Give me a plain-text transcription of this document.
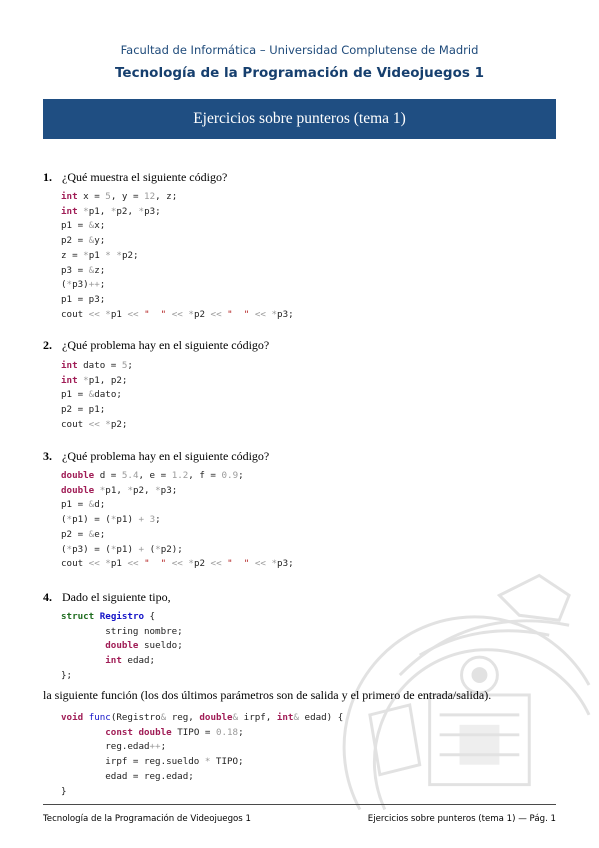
Facultad de Informática – Universidad Complutense de Madrid
Tecnología de la Programación de Videojuegos 1
Ejercicios sobre punteros (tema 1)
1. ¿Qué muestra el siguiente código?
int x = 5, y = 12, z;
int *p1, *p2, *p3;
p1 = &x;
p2 = &y;
z = *p1 * *p2;
p3 = &z;
(*p3)++;
p1 = p3;
cout << *p1 << "  " << *p2 << "  " << *p3;
2. ¿Qué problema hay en el siguiente código?
int dato = 5;
int *p1, p2;
p1 = &dato;
p2 = p1;
cout << *p2;
3. ¿Qué problema hay en el siguiente código?
double d = 5.4, e = 1.2, f = 0.9;
double *p1, *p2, *p3;
p1 = &d;
(*p1) = (*p1) + 3;
p2 = &e;
(*p3) = (*p1) + (*p2);
cout << *p1 << "  " << *p2 << "  " << *p3;
4. Dado el siguiente tipo,
struct Registro {
string nombre;
double sueldo;
int edad;
};
la siguiente función (los dos últimos parámetros son de salida y el primero de entrada/salida).
void func(Registro& reg, double& irpf, int& edad) {
const double TIPO = 0.18;
reg.edad++;
irpf = reg.sueldo * TIPO;
edad = reg.edad;
}
Tecnología de la Programación de Videojuegos 1	Ejercicios sobre punteros (tema 1) — Pág. 1
